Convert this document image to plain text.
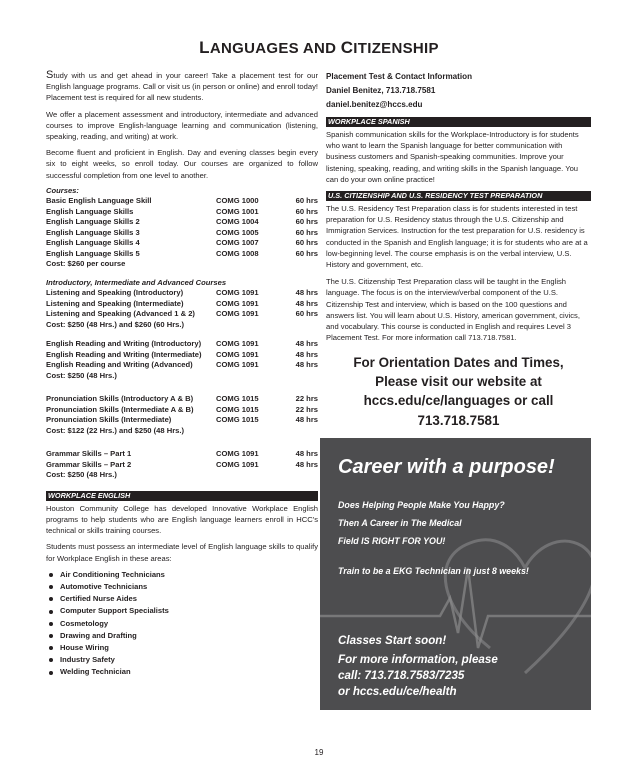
LANGUAGES AND CITIZENSHIP

Study with us and get ahead in your career! Take a placement test for our English language programs. Call or visit us (in person or online) and enroll today! Placement test is required for all new students.

We offer a placement assessment and introductory, intermediate and advanced courses to improve English-language learning and communication (listening, speaking, reading, and writing) at work.

Become fluent and proficient in English. Day and evening classes begin every six to eight weeks, so enroll today. Our courses are organized to follow successful completion from one level to another.

Courses:
Basic English Language Skill	COMG 1000	60 hrs
English Language Skills	COMG 1001	60 hrs
English Language Skills 2	COMG 1004	60 hrs
English Language Skills 3	COMG 1005	60 hrs
English Language Skills 4	COMG 1007	60 hrs
English Language Skills 5	COMG 1008	60 hrs
Cost: $260 per course
Introductory, Intermediate and Advanced Courses
Listening and Speaking (Introductory)	COMG 1091	48 hrs
Listening and Speaking (Intermediate)	COMG 1091	48 hrs
Listening and Speaking (Advanced 1 & 2)	COMG 1091	60 hrs
Cost: $250 (48 Hrs.) and $260 (60 Hrs.)
English Reading and Writing (Introductory)	COMG 1091	48 hrs
English Reading and Writing (Intermediate)	COMG 1091	48 hrs
English Reading and Writing (Advanced)	COMG 1091	48 hrs
Cost: $250 (48 Hrs.)
Pronunciation Skills (Introductory A & B)	COMG 1015	22 hrs
Pronunciation Skills (Intermediate A & B)	COMG 1015	22 hrs
Pronunciation Skills (Intermediate)	COMG 1015	48 hrs
Cost: $122 (22 Hrs.) and $250 (48 Hrs.)
Grammar Skills – Part 1	COMG 1091	48 hrs
Grammar Skills – Part 2	COMG 1091	48 hrs
Cost: $250 (48 Hrs.)
WORKPLACE ENGLISH

Houston Community College has developed Innovative Workplace English programs to help students who are English language learners enroll in HCC's technical or skills training courses.

Students must possess an intermediate level of English language skills to qualify for Workplace English in these areas:

Air Conditioning Technicians
Automotive Technicians
Certified Nurse Aides
Computer Support Specialists
Cosmetology
Drawing and Drafting
House Wiring
Industry Safety
Welding Technician
Placement Test & Contact Information
Daniel Benitez, 713.718.7581
daniel.benitez@hccs.edu
WORKPLACE SPANISH

Spanish communication skills for the Workplace-Introductory is for students who want to learn the Spanish language for better communication with business customers and Spanish-speaking communities. Improve your listening, speaking, reading, and writing skills in the Spanish language. You can do your own online practice!

U.S. CITIZENSHIP AND U.S. RESIDENCY TEST PREPARATION

The U.S. Residency Test Preparation class is for students interested in test preparation for U.S. Residency status through the U.S. Citizenship and Immigration Services. Instruction for the test preparation for U.S. residency is conducted in the Spanish and English language; it is for students who are at a low-beginning level. The course emphasis is on the verbal interview, U.S. History and government, etc.

The U.S. Citizenship Test Preparation class will be taught in the English language. The focus is on the interview/verbal component of the U.S. Citizenship Test and interview, which is based on the 100 questions and answers list. You will learn about U.S. History, american government, civics, and vocabulary. This course is conducted in English and requires Level 3 Placement Test. For more information call 713.718.7581.

For Orientation Dates and Times,
Please visit our website at
hccs.edu/ce/languages or call
713.718.7581
Career with a purpose!
Does Helping People Make You Happy?
Then A Career in The Medical
Field IS RIGHT FOR YOU!
Train to be a EKG Technician in just 8 weeks!
Classes Start soon!
For more information, please
call: 713.718.7583/7235
or hccs.edu/ce/health
19
